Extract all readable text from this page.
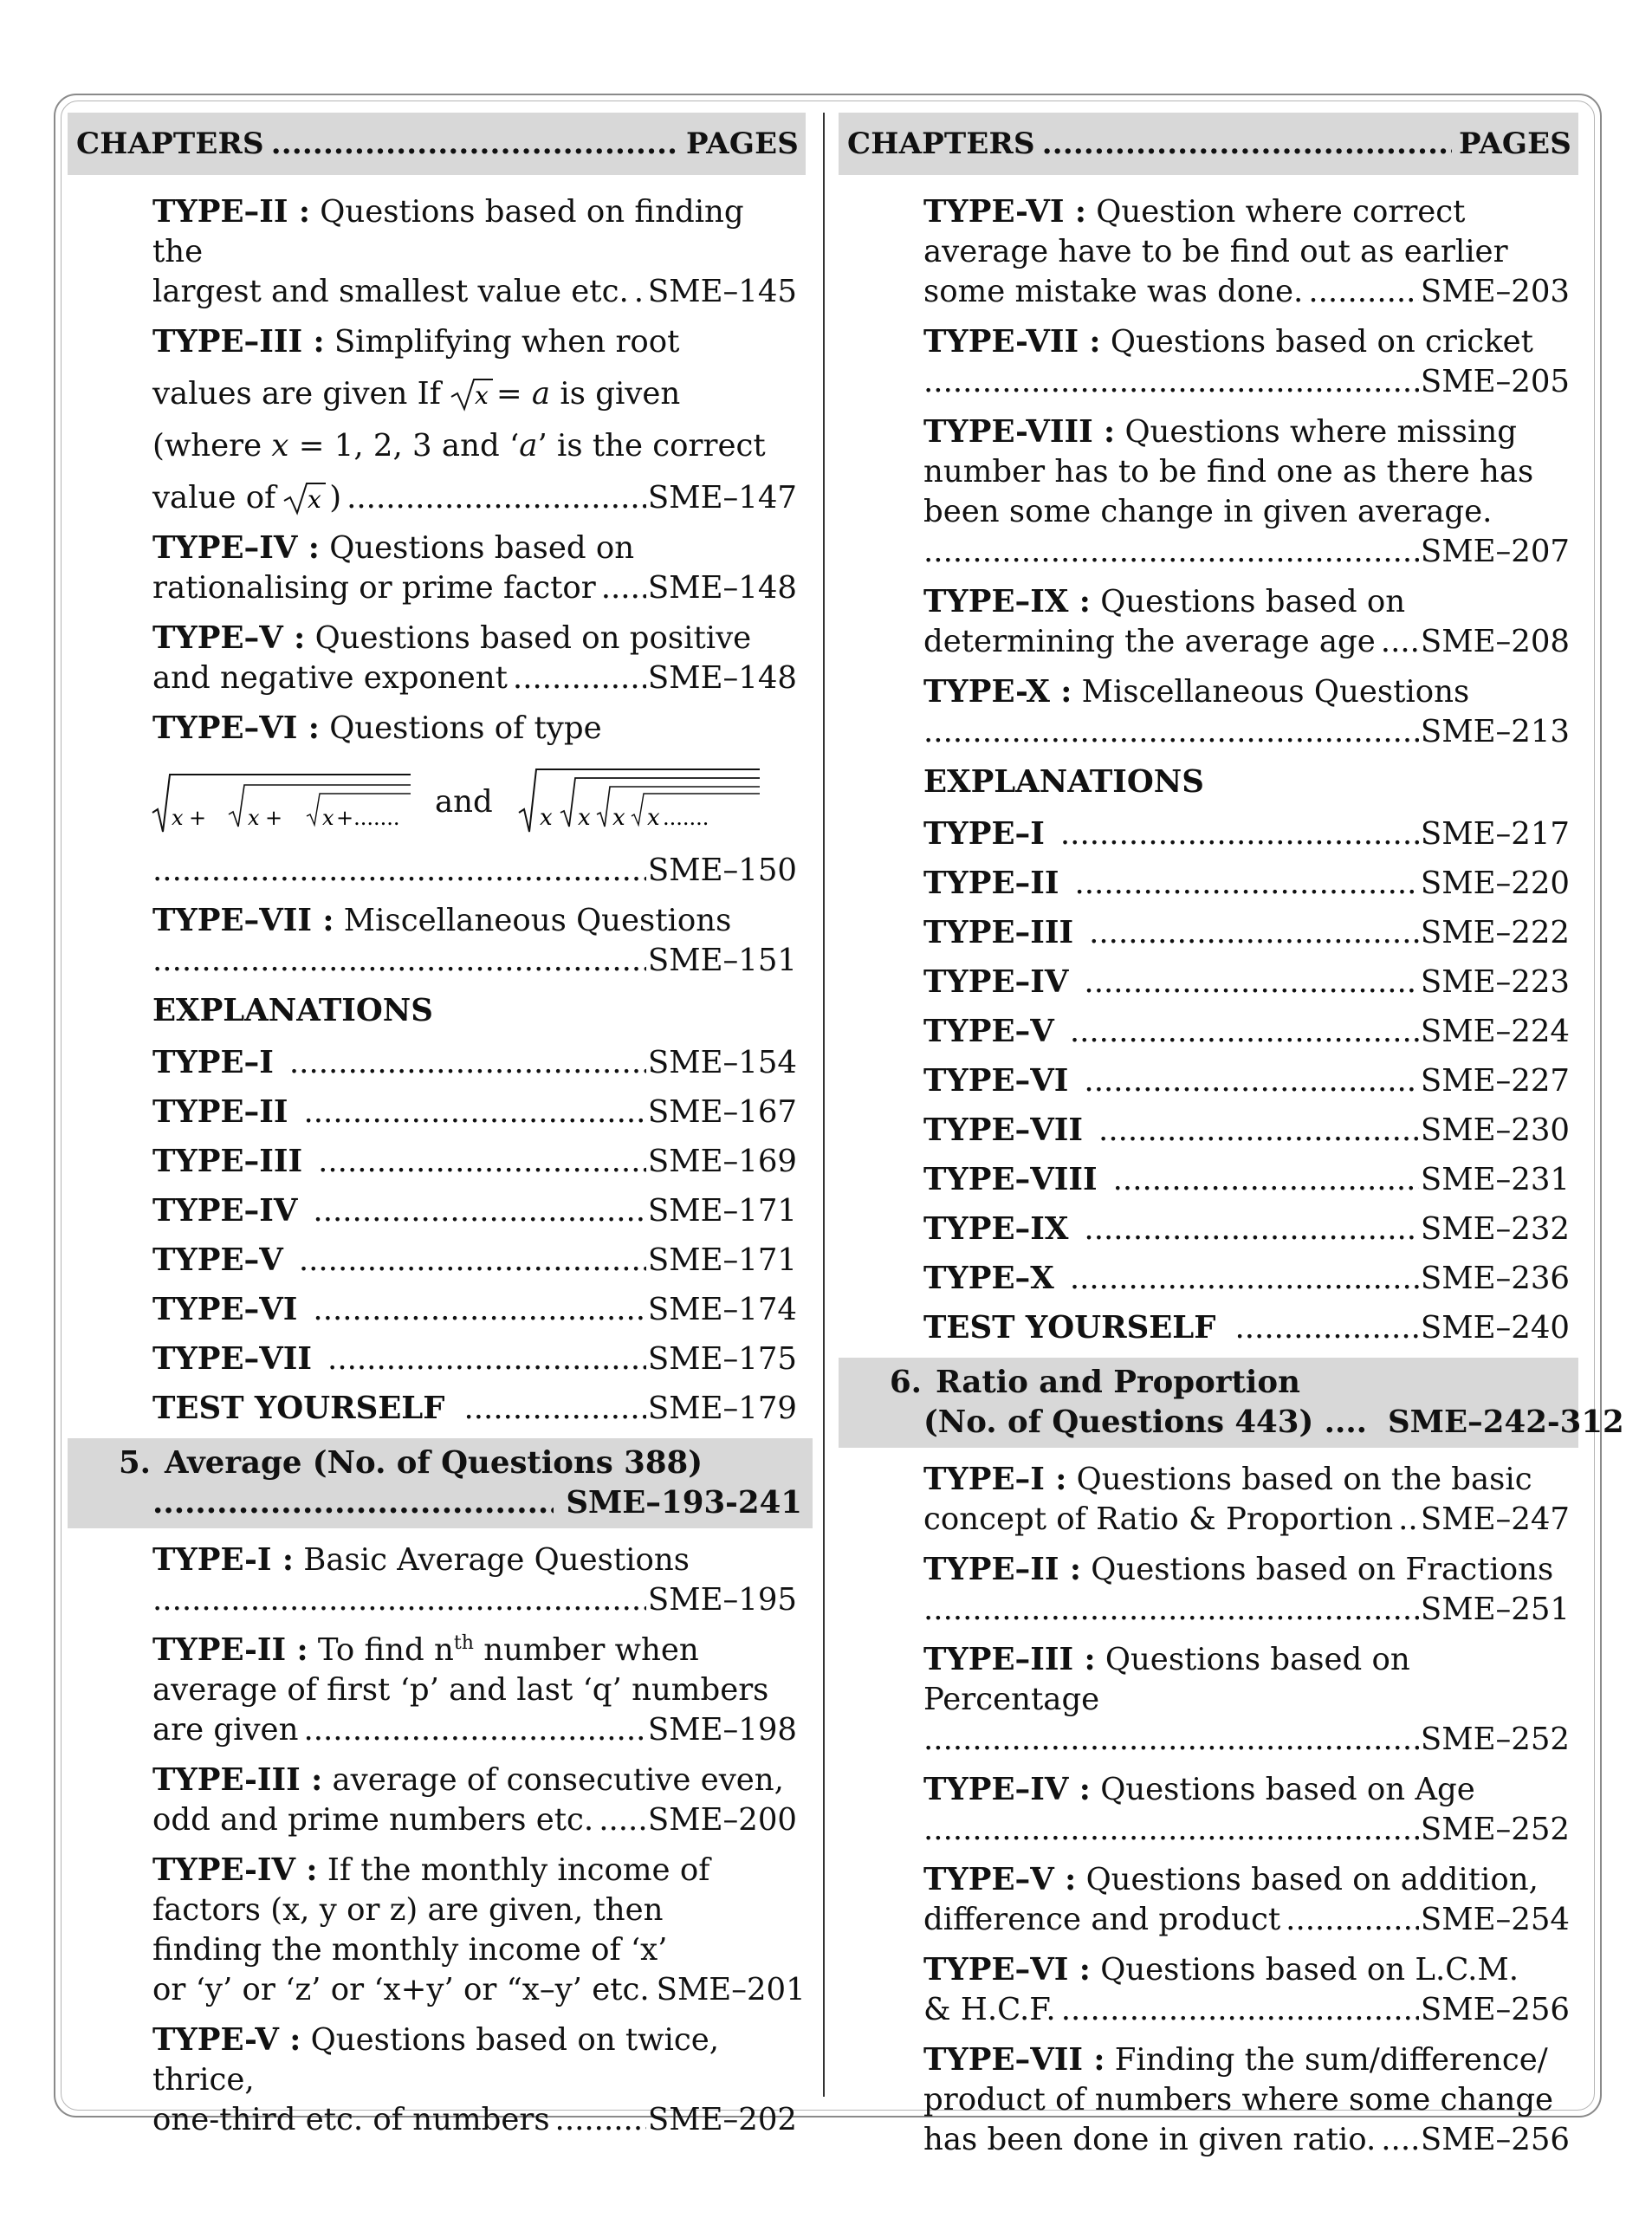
CHAPTERS .....	PAGES
TYPE–II : Questions based on finding the
largest and smallest value etc. ..... SME–145
TYPE–III : Simplifying when root
values are given If x =
a
is given
(where x = 1, 2, 3 and ‘a’ is the correct
value of x ) .....	SME–147
TYPE–IV : Questions based on
rationalising or prime factor ..... SME–148
TYPE–V : Questions based on positive
and negative exponent .....	SME–148
TYPE–VI : Questions of type
x + x + x +....... and x x x x .......
.....
SME–150
TYPE–VII : Miscellaneous Questions
.....
SME–151
EXPLANATIONS
TYPE–I .....	SME–154
TYPE–II .....	SME–167
TYPE–III .....	SME–169
TYPE–IV .....	SME–171
TYPE–V .....	SME–171
TYPE–VI .....	SME–174
TYPE–VII .....	SME–175
TEST YOURSELF .....	SME–179
5. Average (No. of Questions 388)
.....
SME–193-241
TYPE-I : Basic Average Questions
.....
SME–195
TYPE-II : To find $n^{th}$ number when
average of first ‘p’ and last ‘q’ numbers
are given .....	SME–198
TYPE-III : average of consecutive even,
odd and prime numbers etc. ..... SME–200
TYPE-IV : If the monthly income of
factors (x, y or z) are given, then
finding the monthly income of ‘x’
or ‘y’ or ‘z’ or ‘x+y’ or “x–y’ etc. SME–201
TYPE-V : Questions based on twice, thrice,
one-third etc. of numbers .....	SME–202
CHAPTERS .....	PAGES
TYPE-VI : Question where correct
average have to be find out as earlier
some mistake was done. .....	SME–203
TYPE-VII : Questions based on cricket
.....
SME–205
TYPE-VIII : Questions where missing
number has to be find one as there has
been some change in given average.
.....
SME–207
TYPE–IX : Questions based on
determining the average age ..... SME–208
TYPE-X : Miscellaneous Questions
.....
SME–213
EXPLANATIONS
TYPE–I .....	SME–217
TYPE–II .....	SME–220
TYPE–III .....	SME–222
TYPE–IV .....	SME–223
TYPE–V .....	SME–224
TYPE–VI .....	SME–227
TYPE–VII .....	SME–230
TYPE–VIII .....	SME–231
TYPE–IX .....	SME–232
TYPE–X .....	SME–236
TEST YOURSELF .....	SME–240
6. Ratio and Proportion
(No. of Questions 443) .... SME–242-312
TYPE–I : Questions based on the basic
concept of Ratio & Proportion ..... SME–247
TYPE–II : Questions based on Fractions
.....
SME–251
TYPE–III : Questions based on Percentage
.....
SME–252
TYPE–IV : Questions based on Age
.....
SME–252
TYPE–V : Questions based on addition,
difference and product .....	SME–254
TYPE–VI : Questions based on L.C.M.
& H.C.F. .....	SME–256
TYPE–VII : Finding the sum/difference/
product of numbers where some change
has been done in given ratio. ..... SME–256
